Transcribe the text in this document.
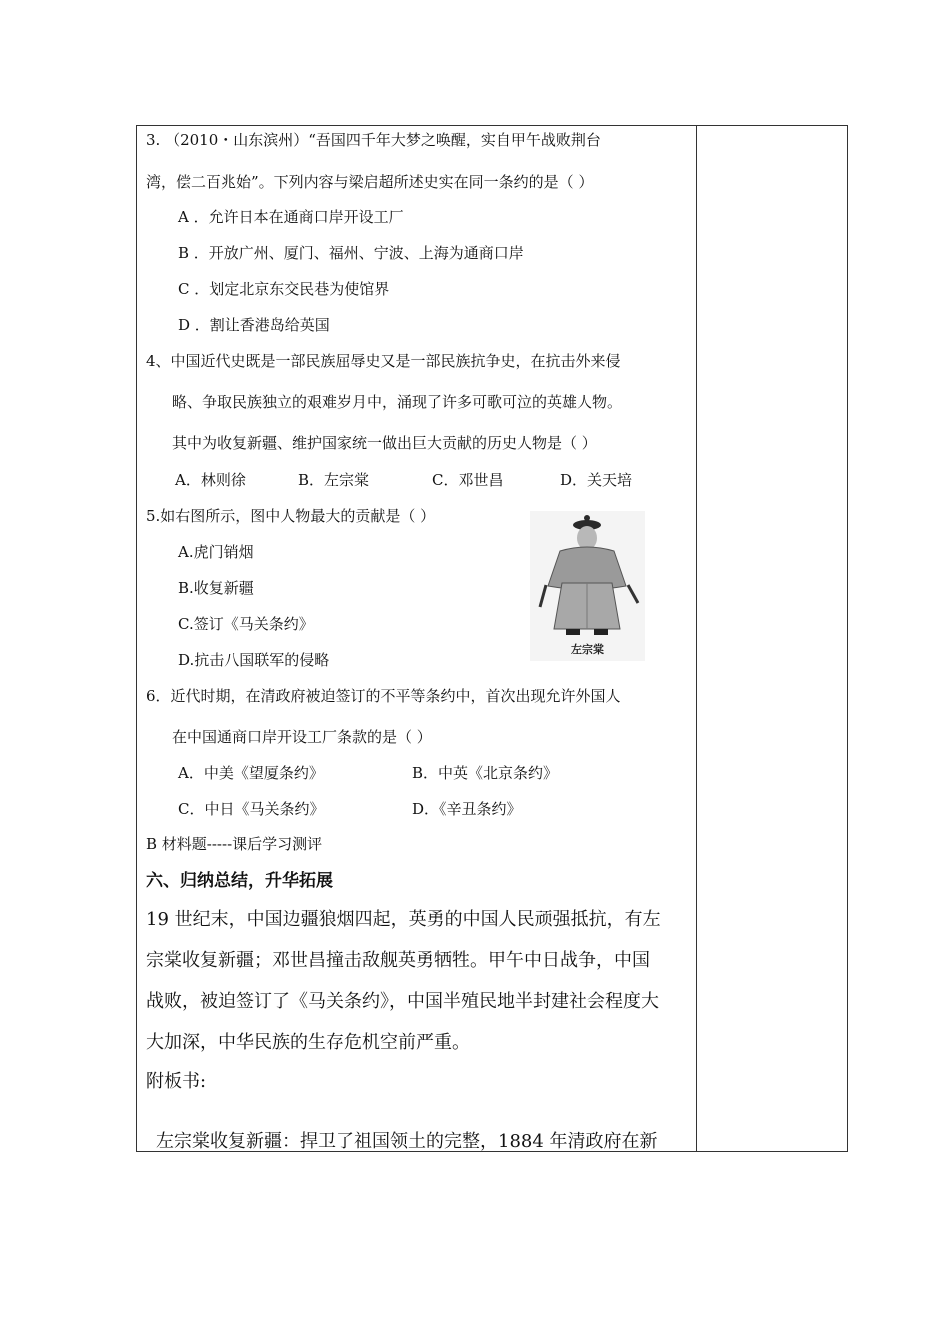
3. （2010・山东滨州）“吾国四千年大梦之唤醒，实自甲午战败荆台
湾，偿二百兆始”。下列内容与梁启超所述史实在同一条约的是（ ）
A ．允许日本在通商口岸开设工厂
B ．开放广州、厦门、福州、宁波、上海为通商口岸
C ．划定北京东交民巷为使馆界
D ．割让香港岛给英国
4、中国近代史既是一部民族屈辱史又是一部民族抗争史，在抗击外来侵
略、争取民族独立的艰难岁月中，涌现了许多可歌可泣的英雄人物。
其中为收复新疆、维护国家统一做出巨大贡献的历史人物是（ ）
A．林则徐	B．左宗棠	C．邓世昌	D．关天培
5.如右图所示，图中人物最大的贡献是（ ）
A.虎门销烟
B.收复新疆
C.签订《马关条约》
D.抗击八国联军的侵略
左宗棠
6．近代时期，在清政府被迫签订的不平等条约中，首次出现允许外国人
在中国通商口岸开设工厂条款的是（ ）
A．中美《望厦条约》	B．中英《北京条约》
C．中日《马关条约》	D．《辛丑条约》
B 材料题-----课后学习测评
六、归纳总结，升华拓展
19 世纪末，中国边疆狼烟四起，英勇的中国人民顽强抵抗，有左
宗棠收复新疆；邓世昌撞击敌舰英勇牺牲。甲午中日战争，中国
战败，被迫签订了《马关条约》，中国半殖民地半封建社会程度大
大加深，中华民族的生存危机空前严重。
附板书:
左宗棠收复新疆：捍卫了祖国领土的完整，1884 年清政府在新
